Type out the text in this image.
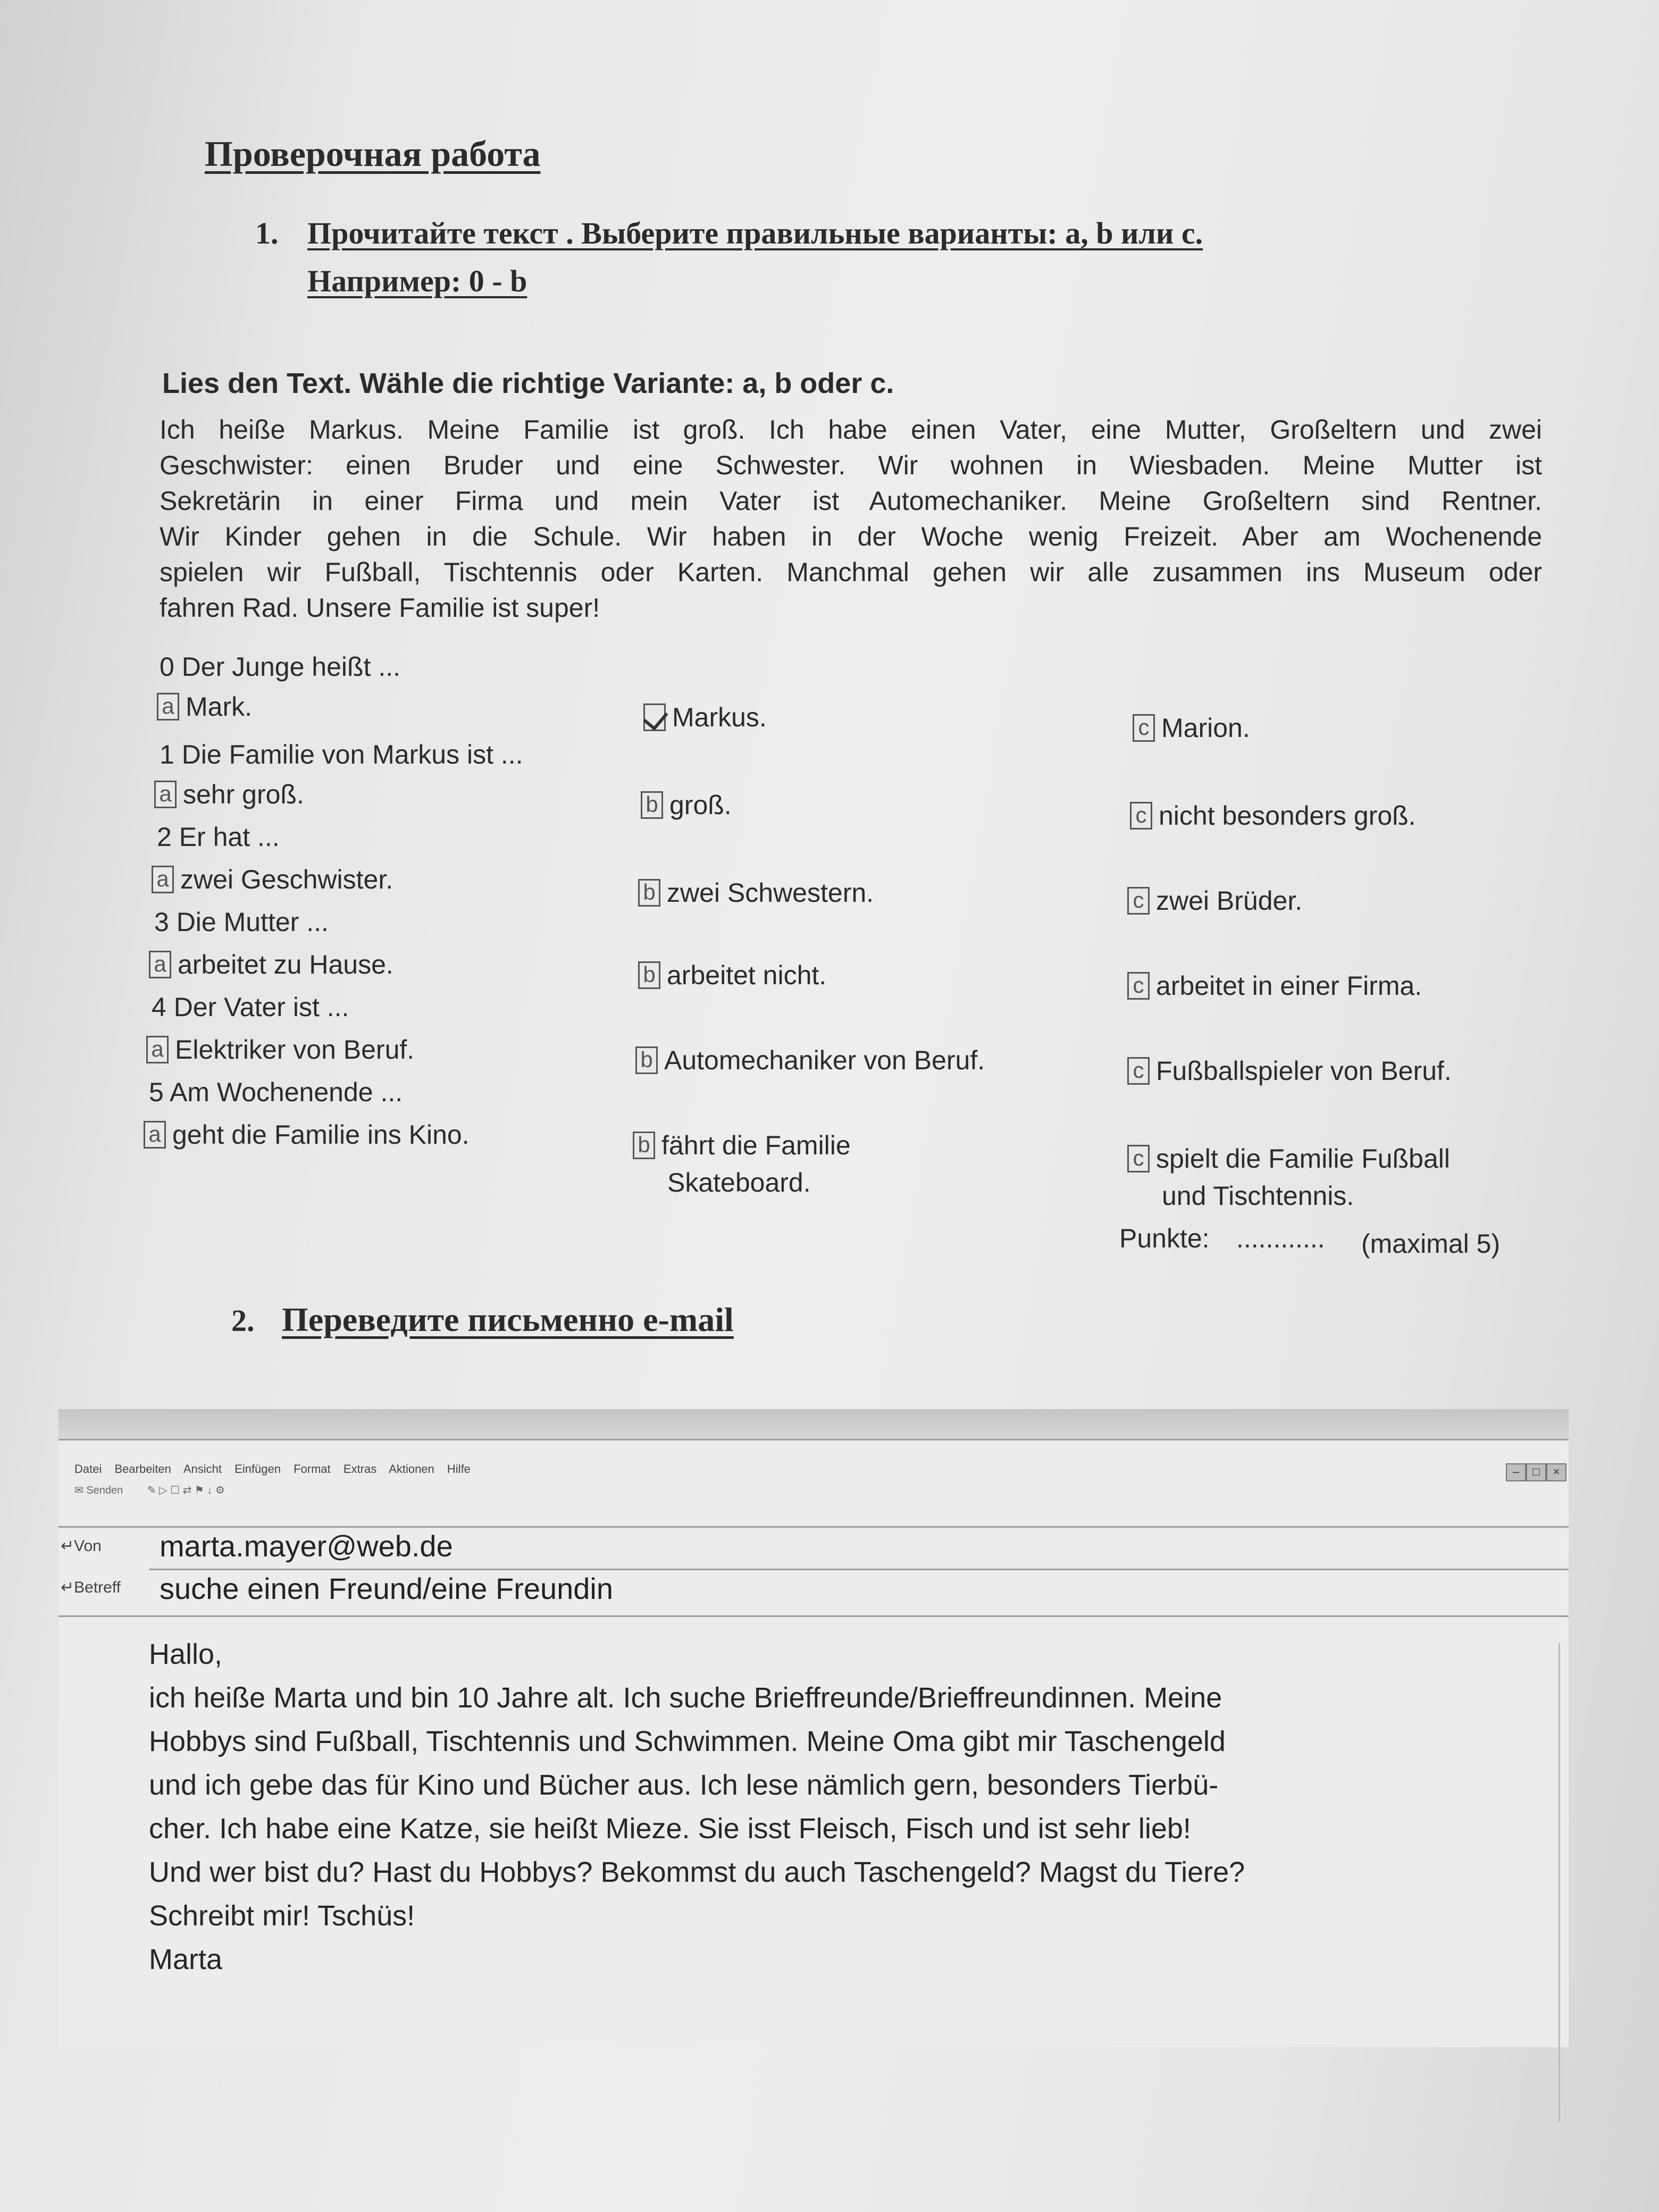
Проверочная работа
1. Прочитайте текст . Выберите правильные варианты: a, b или c.
Например: 0 - b
Lies den Text. Wähle die richtige Variante: a, b oder c.
Ich heiße Markus. Meine Familie ist groß. Ich habe einen Vater, eine Mutter, Großeltern und zwei
Geschwister: einen Bruder und eine Schwester. Wir wohnen in Wiesbaden. Meine Mutter ist
Sekretärin in einer Firma und mein Vater ist Automechaniker. Meine Großeltern sind Rentner.
Wir Kinder gehen in die Schule. Wir haben in der Woche wenig Freizeit. Aber am Wochenende
spielen wir Fußball, Tischtennis oder Karten. Manchmal gehen wir alle zusammen ins Museum oder
fahren Rad. Unsere Familie ist super!
0 Der Junge heißt ...
a Mark.	Markus.	c Marion.
1 Die Familie von Markus ist ...
a sehr groß.	b groß.	c nicht besonders groß.
2 Er hat ...
a zwei Geschwister.	b zwei Schwestern.	c zwei Brüder.
3 Die Mutter ...
a arbeitet zu Hause.	b arbeitet nicht.	c arbeitet in einer Firma.
4 Der Vater ist ...
a Elektriker von Beruf.	b Automechaniker von Beruf.	c Fußballspieler von Beruf.
5 Am Wochenende ...
a geht die Familie ins Kino.	b fährt die Familie
Skateboard.
c spielt die Familie Fußball
und Tischtennis.
Punkte: ............ (maximal 5)
2. Переведите письменно e-mail
Datei Bearbeiten Ansicht Einfügen Format Extras Aktionen Hilfe	–	□	×
✉ Senden ✎ ▷ ☐ ⇄ ⚑ ↓ ⚙
↵Von marta.mayer@web.de
↵Betreff suche einen Freund/eine Freundin
Hallo,
ich heiße Marta und bin 10 Jahre alt. Ich suche Brieffreunde/Brieffreundinnen. Meine
Hobbys sind Fußball, Tischtennis und Schwimmen. Meine Oma gibt mir Taschengeld
und ich gebe das für Kino und Bücher aus. Ich lese nämlich gern, besonders Tierbü-
cher. Ich habe eine Katze, sie heißt Mieze. Sie isst Fleisch, Fisch und ist sehr lieb!
Und wer bist du? Hast du Hobbys? Bekommst du auch Taschengeld? Magst du Tiere?
Schreibt mir! Tschüs!
Marta
